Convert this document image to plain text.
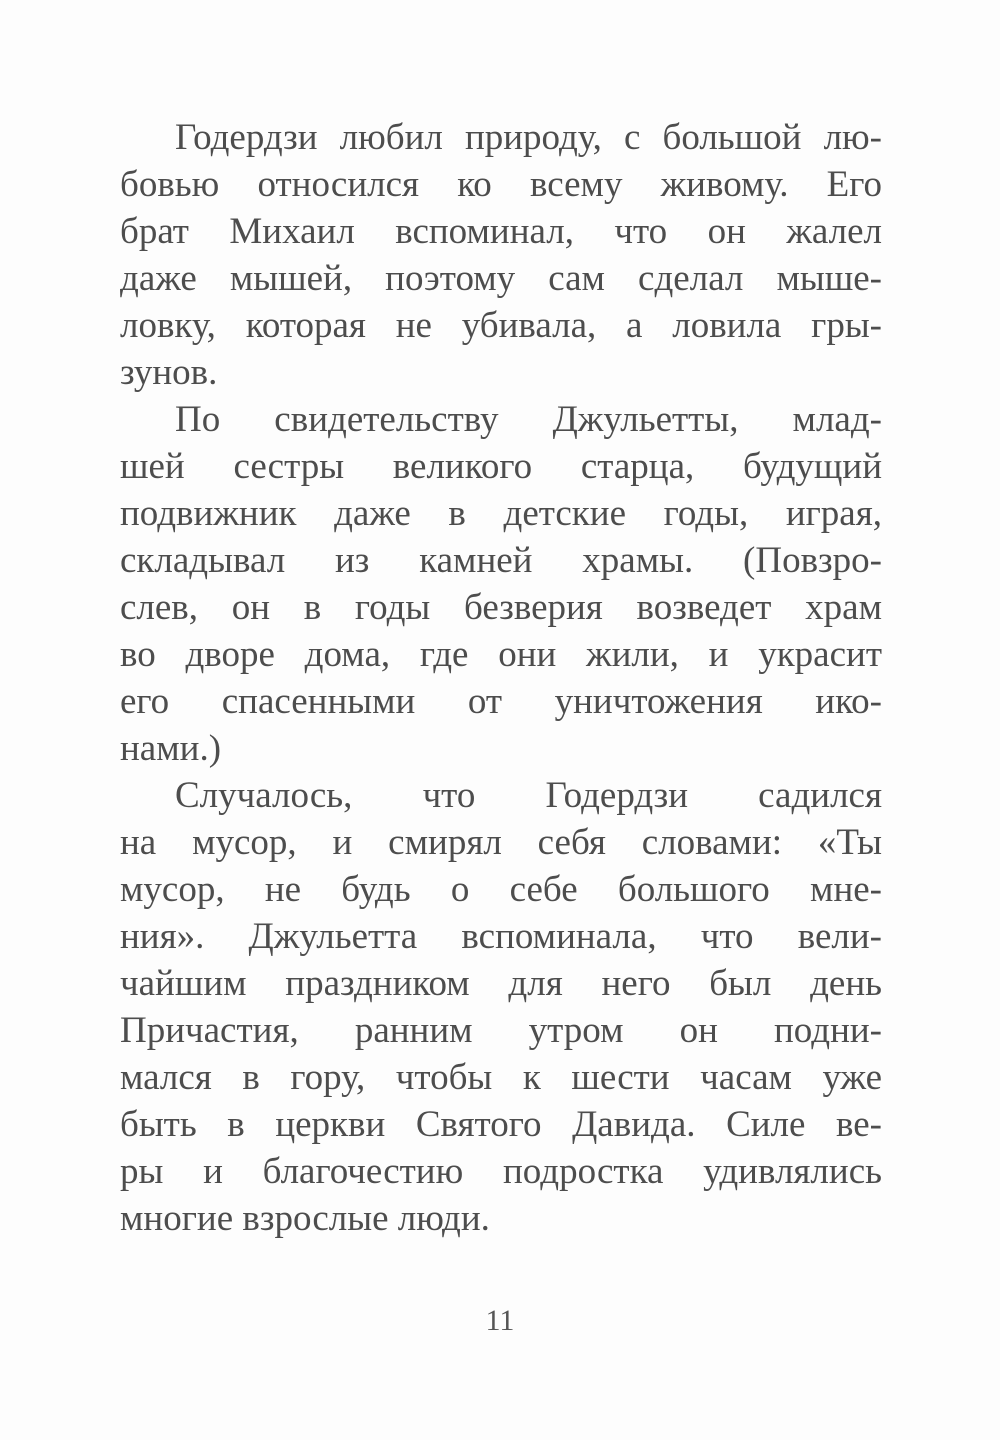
Годердзи любил природу, с большой лю-
бовью относился ко всему живому. Его
брат Михаил вспоминал, что он жалел
даже мышей, поэтому сам сделал мыше-
ловку, которая не убивала, а ловила гры-
зунов.
По свидетельству Джульетты, млад-
шей сестры великого старца, будущий
подвижник даже в детские годы, играя,
складывал из камней храмы. (Повзро-
слев, он в годы безверия возведет храм
во дворе дома, где они жили, и украсит
его спасенными от уничтожения ико-
нами.)
Случалось, что Годердзи садился
на мусор, и смирял себя словами: «Ты
мусор, не будь о себе большого мне-
ния». Джульетта вспоминала, что вели-
чайшим праздником для него был день
Причастия, ранним утром он подни-
мался в гору, чтобы к шести часам уже
быть в церкви Святого Давида. Силе ве-
ры и благочестию подростка удивлялись
многие взрослые люди.
11
